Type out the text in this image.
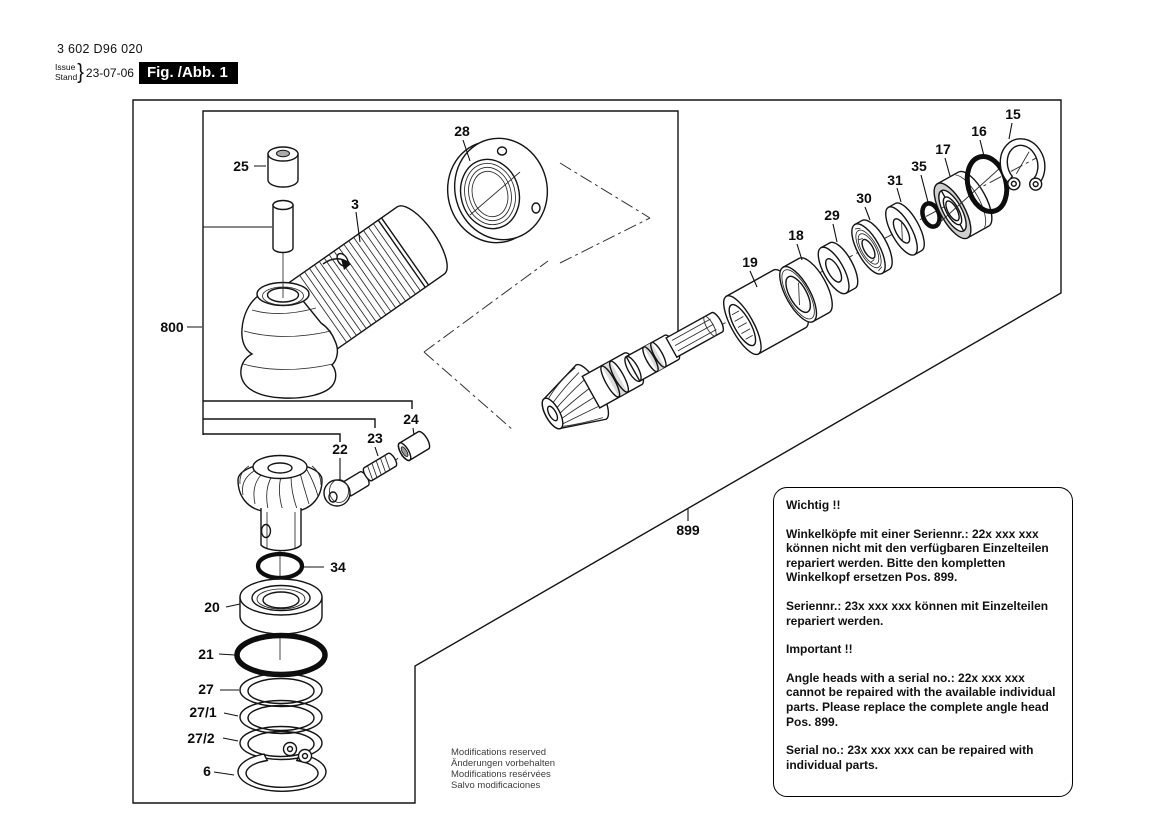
3 602 D96 020
Issue
Stand } 23-07-06 Fig. /Abb. 1
25
3
28
15
16
17
35
31
30
29
18
19
800
899
24
23
22
34
20
21
27
27/1
27/2
6

Wichtig !!

Winkelköpfe mit einer Seriennr.: 22x xxx xxx können nicht mit den verfügbaren Einzelteilen repariert werden. Bitte den kompletten Winkelkopf ersetzen Pos. 899.

Seriennr.: 23x xxx xxx können mit Einzelteilen repariert werden.

Important !!

Angle heads with a serial no.: 22x xxx xxx cannot be repaired with the available individual parts. Please replace the complete angle head Pos. 899.

Serial no.: 23x xxx xxx can be repaired with individual parts.

Modifications reserved
Änderungen vorbehalten
Modifications resérvées
Salvo modificaciones
